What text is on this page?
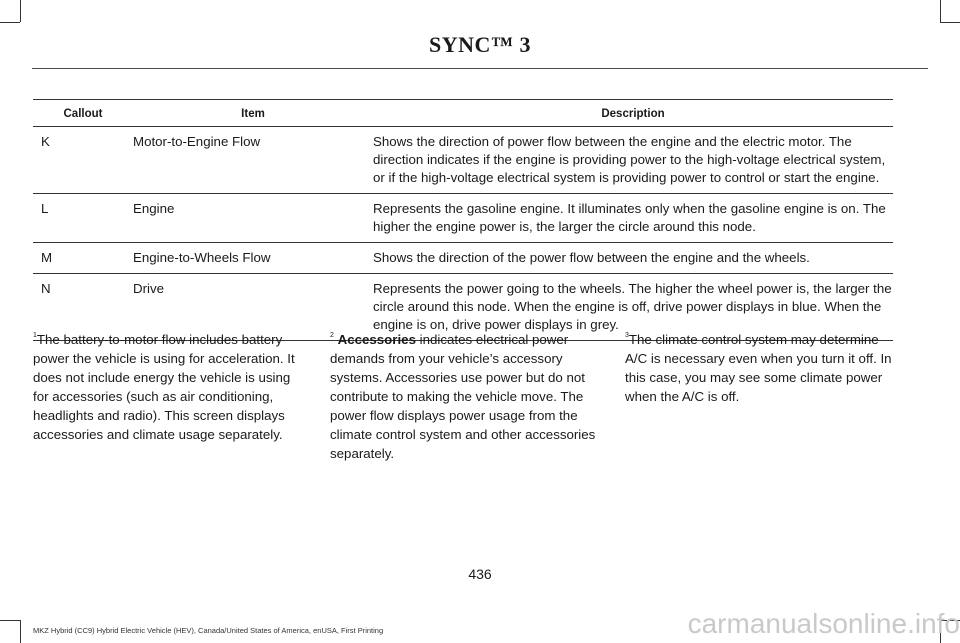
SYNC™ 3
Callout	Item	Description
K	Motor-to-Engine Flow	Shows the direction of power flow between the engine and the electric motor. The direction indicates if the engine is providing power to the high-voltage electrical system, or if the high-voltage electrical system is providing power to control or start the engine.
L	Engine	Represents the gasoline engine. It illuminates only when the gasoline engine is on. The higher the engine power is, the larger the circle around this node.
M	Engine-to-Wheels Flow	Shows the direction of the power flow between the engine and the wheels.
N	Drive	Represents the power going to the wheels. The higher the wheel power is, the larger the circle around this node. When the engine is off, drive power displays in blue. When the engine is on, drive power displays in grey.
$^1$The battery-to-motor flow includes battery power the vehicle is using for acceleration. It does not include energy the vehicle is using for accessories (such as air conditioning, headlights and radio). This screen displays accessories and climate usage separately.
$^2$ Accessories indicates electrical power demands from your vehicle’s accessory systems. Accessories use power but do not contribute to making the vehicle move. The power flow displays power usage from the climate control system and other accessories separately.
$^3$The climate control system may determine A/C is necessary even when you turn it off. In this case, you may see some climate power when the A/C is off.
436
MKZ Hybrid (CC9) Hybrid Electric Vehicle (HEV), Canada/United States of America, enUSA, First Printing	carmanualsonline.info
